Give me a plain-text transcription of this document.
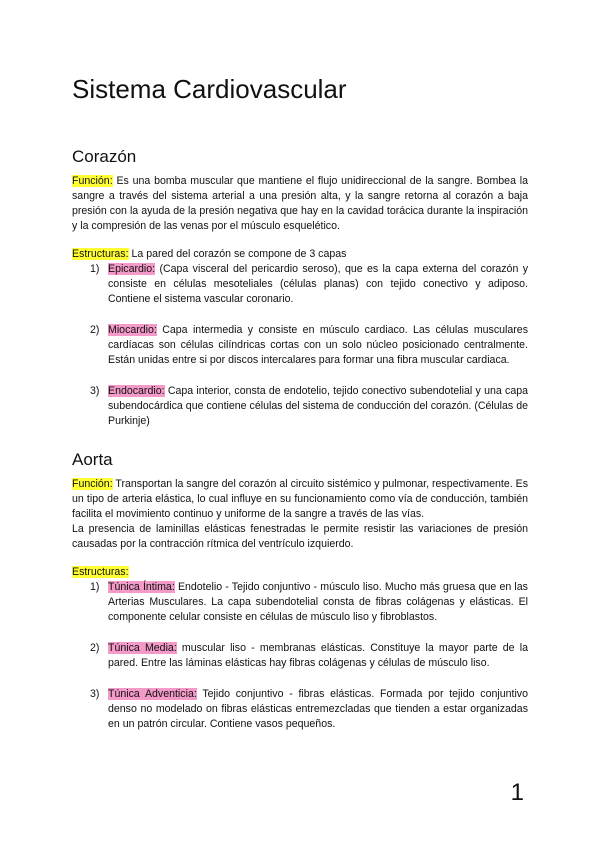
Sistema Cardiovascular
Corazón

Función: Es una bomba muscular que mantiene el flujo unidireccional de la sangre. Bombea la sangre a través del sistema arterial a una presión alta, y la sangre retorna al corazón a baja presión con la ayuda de la presión negativa que hay en la cavidad torácica durante la inspiración y la compresión de las venas por el músculo esquelético.

Estructuras: La pared del corazón se compone de 3 capas

1) Epicardio: (Capa visceral del pericardio seroso), que es la capa externa del corazón y consiste en células mesoteliales (células planas) con tejido conectivo y adiposo. Contiene el sistema vascular coronario.
2) Miocardio: Capa intermedia y consiste en músculo cardiaco. Las células musculares cardíacas son células cilíndricas cortas con un solo núcleo posicionado centralmente. Están unidas entre si por discos intercalares para formar una fibra muscular cardiaca.
3) Endocardio: Capa interior, consta de endotelio, tejido conectivo subendotelial y una capa subendocárdica que contiene células del sistema de conducción del corazón. (Células de Purkinje)
Aorta

Función: Transportan la sangre del corazón al circuito sistémico y pulmonar, respectivamente. Es un tipo de arteria elástica, lo cual influye en su funcionamiento como vía de conducción, también facilita el movimiento continuo y uniforme de la sangre a través de las vías.

La presencia de laminillas elásticas fenestradas le permite resistir las variaciones de presión causadas por la contracción rítmica del ventrículo izquierdo.

Estructuras:

1) Túnica Íntima: Endotelio - Tejido conjuntivo - músculo liso. Mucho más gruesa que en las Arterias Musculares. La capa subendotelial consta de fibras colágenas y elásticas. El componente celular consiste en células de músculo liso y fibroblastos.
2) Túnica Media: muscular liso - membranas elásticas. Constituye la mayor parte de la pared. Entre las láminas elásticas hay fibras colágenas y células de músculo liso.
3) Túnica Adventicia: Tejido conjuntivo - fibras elásticas. Formada por tejido conjuntivo denso no modelado on fibras elásticas entremezcladas que tienden a estar organizadas en un patrón circular. Contiene vasos pequeños.
1
